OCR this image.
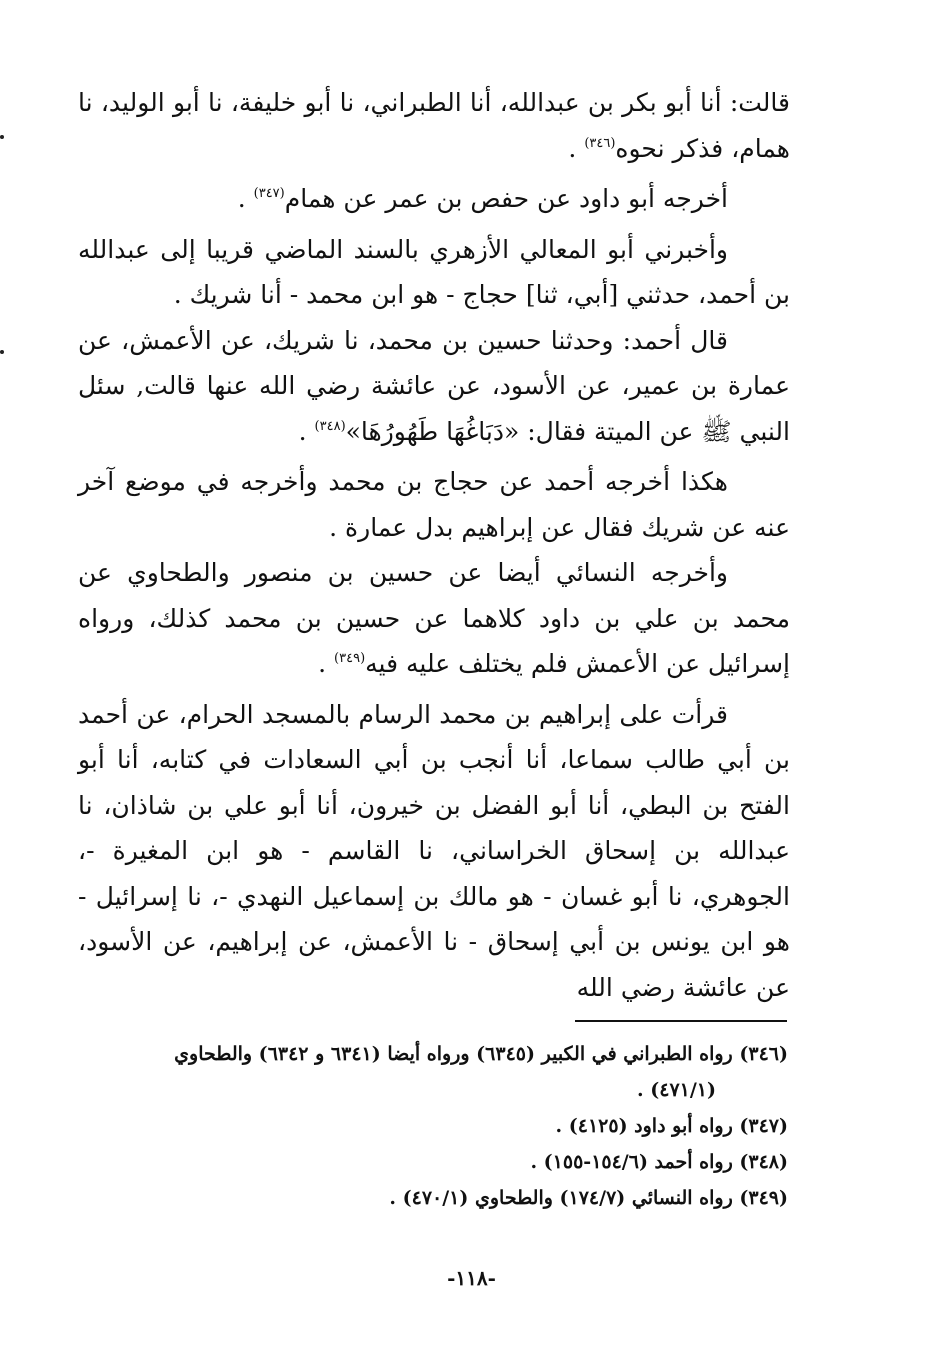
قالت: أنا أبو بكر بن عبدالله، أنا الطبراني، نا أبو خليفة، نا أبو الوليد، نا همام، فذكر نحوه$^{(٣٤٦)}$ .

أخرجه أبو داود عن حفص بن عمر عن همام$^{(٣٤٧)}$ .

وأخبرني أبو المعالي الأزهري بالسند الماضي قريبا إلى عبدالله بن أحمد، حدثني [أبي، ثنا] حجاج - هو ابن محمد - أنا شريك .

قال أحمد: وحدثنا حسين بن محمد، نا شريك، عن الأعمش، عن عمارة بن عمير، عن الأسود، عن عائشة رضي الله عنها قالت, سئل النبي ﷺ عن الميتة فقال: «دَبَاغُهَا طَهُورُهَا»$^{(٣٤٨)}$ .

هكذا أخرجه أحمد عن حجاج بن محمد وأخرجه في موضع آخر عنه عن شريك فقال عن إبراهيم بدل عمارة .

وأخرجه النسائي أيضا عن حسين بن منصور والطحاوي عن محمد بن علي بن داود كلاهما عن حسين بن محمد كذلك، ورواه إسرائيل عن الأعمش فلم يختلف عليه فيه$^{(٣٤٩)}$ .

قرأت على إبراهيم بن محمد الرسام بالمسجد الحرام، عن أحمد بن أبي طالب سماعا، أنا أنجب بن أبي السعادات في كتابه، أنا أبو الفتح بن البطي، أنا أبو الفضل بن خيرون، أنا أبو علي بن شاذان، نا عبدالله بن إسحاق الخراساني، نا القاسم - هو ابن المغيرة -، الجوهري، نا أبو غسان - هو مالك بن إسماعيل النهدي -، نا إسرائيل - هو ابن يونس بن أبي إسحاق - نا الأعمش، عن إبراهيم، عن الأسود، عن عائشة رضي الله

(٣٤٦) رواه الطبراني في الكبير (٦٣٤٥) ورواه أيضا (٦٣٤١ و ٦٣٤٢) والطحاوي
(٤٧١/١) .

(٣٤٧) رواه أبو داود (٤١٢٥) .

(٣٤٨) رواه أحمد (١٥٤/٦-١٥٥) .

(٣٤٩) رواه النسائي (١٧٤/٧) والطحاوي (٤٧٠/١) .

-١١٨-
